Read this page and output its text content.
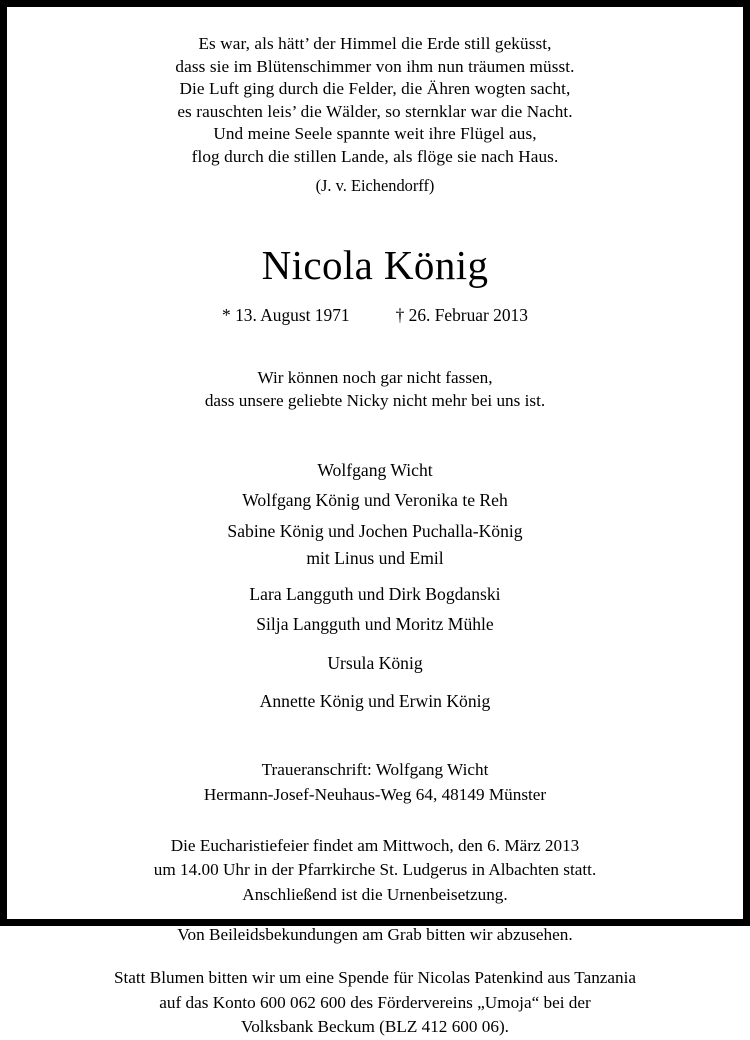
Es war, als hätt’ der Himmel die Erde still geküsst,
dass sie im Blütenschimmer von ihm nun träumen müsst.
Die Luft ging durch die Felder, die Ähren wogten sacht,
es rauschten leis’ die Wälder, so sternklar war die Nacht.
Und meine Seele spannte weit ihre Flügel aus,
flog durch die stillen Lande, als flöge sie nach Haus.
(J. v. Eichendorff)
Nicola König
* 13. August 1971	† 26. Februar 2013
Wir können noch gar nicht fassen,
dass unsere geliebte Nicky nicht mehr bei uns ist.
Wolfgang Wicht
Wolfgang König und Veronika te Reh
Sabine König und Jochen Puchalla-König
mit Linus und Emil
Lara Langguth und Dirk Bogdanski
Silja Langguth und Moritz Mühle
Ursula König
Annette König und Erwin König
Traueranschrift: Wolfgang Wicht
Hermann-Josef-Neuhaus-Weg 64, 48149 Münster
Die Eucharistiefeier findet am Mittwoch, den 6. März 2013
um 14.00 Uhr in der Pfarrkirche St. Ludgerus in Albachten statt.
Anschließend ist die Urnenbeisetzung.
Von Beileidsbekundungen am Grab bitten wir abzusehen.
Statt Blumen bitten wir um eine Spende für Nicolas Patenkind aus Tanzania
auf das Konto 600 062 600 des Fördervereins „Umoja“ bei der
Volksbank Beckum (BLZ 412 600 06).
